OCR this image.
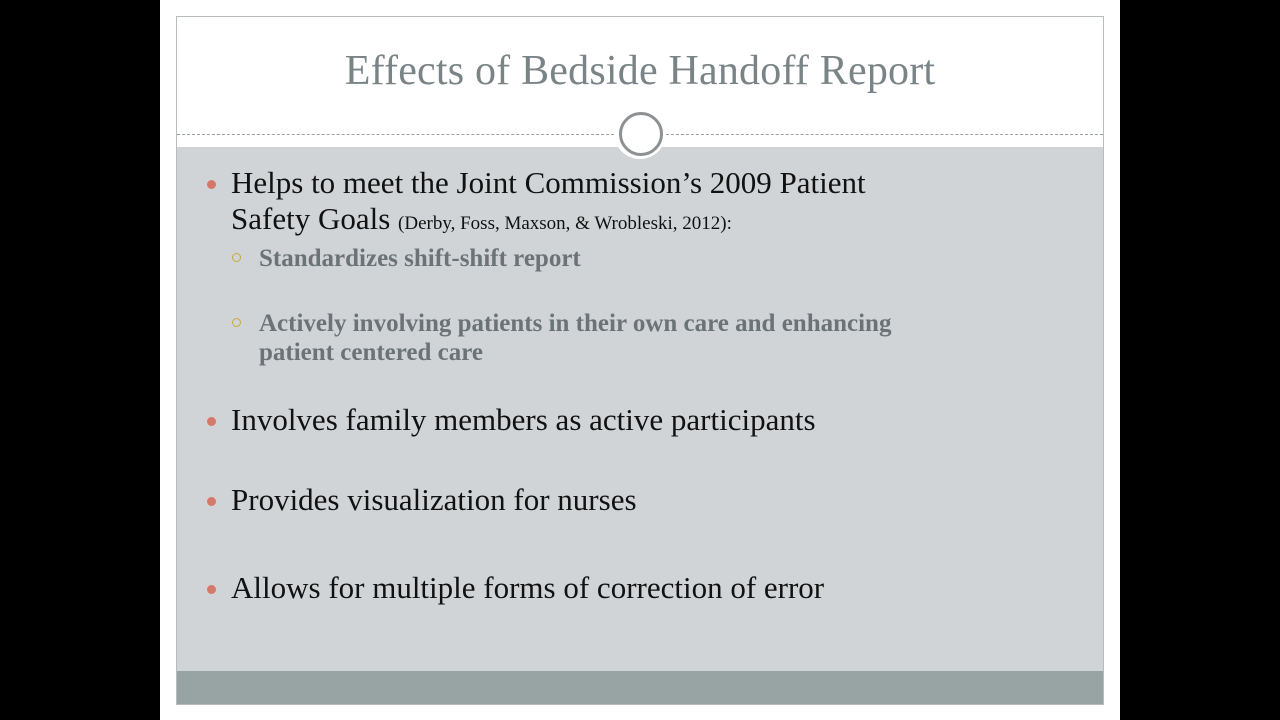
Effects of Bedside Handoff Report
Helps to meet the Joint Commission’s 2009 Patient
Safety Goals (Derby, Foss, Maxson, & Wrobleski, 2012):
Standardizes shift-shift report
Actively involving patients in their own care and enhancing
patient centered care
Involves family members as active participants
Provides visualization for nurses
Allows for multiple forms of correction of error
